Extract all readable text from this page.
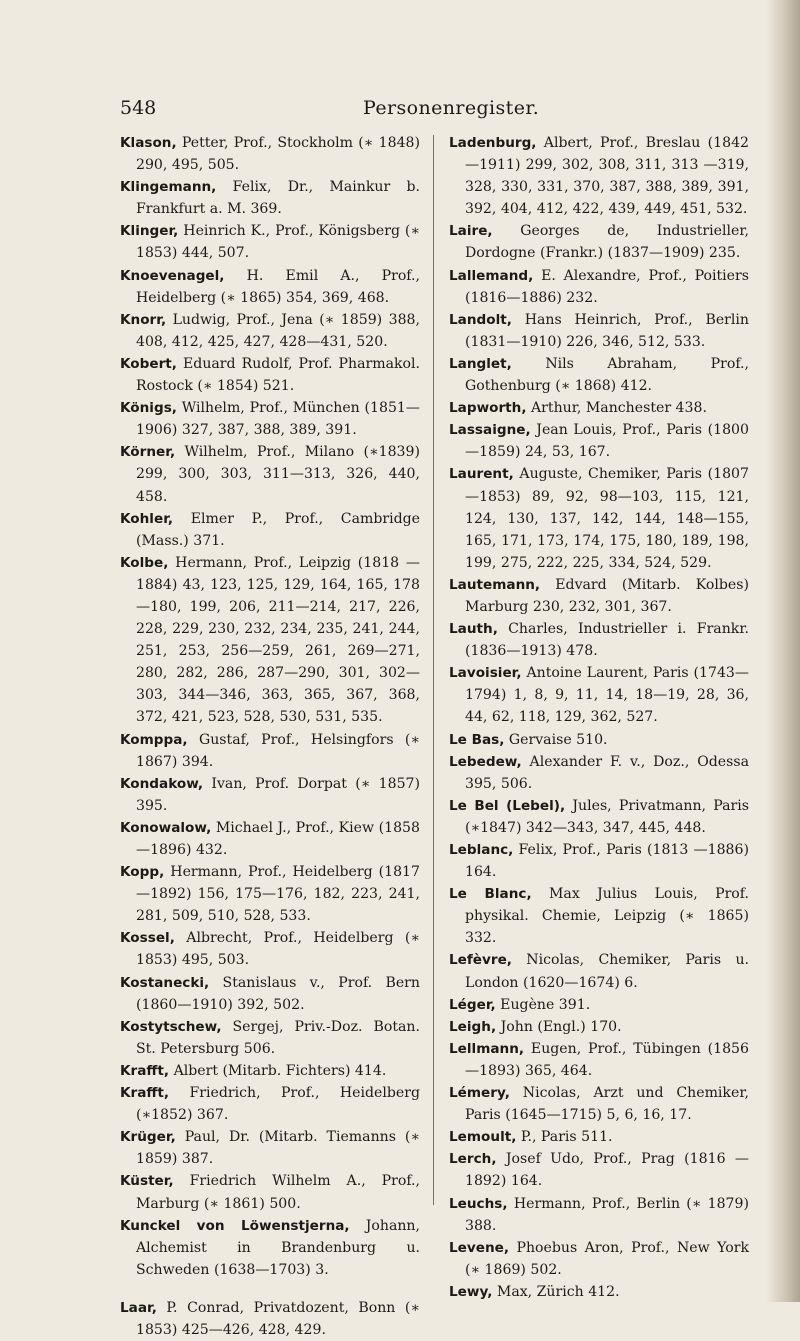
548	Personenregister.
Klason, Petter, Prof., Stockholm (∗ 1848) 290, 495, 505.
Klingemann, Felix, Dr., Mainkur b. Frankfurt a. M. 369.
Klinger, Heinrich K., Prof., Königsberg (∗ 1853) 444, 507.
Knoevenagel, H. Emil A., Prof., Heidelberg (∗ 1865) 354, 369, 468.
Knorr, Ludwig, Prof., Jena (∗ 1859) 388, 408, 412, 425, 427, 428—431, 520.
Kobert, Eduard Rudolf, Prof. Pharmakol. Rostock (∗ 1854) 521.
Königs, Wilhelm, Prof., München (1851—1906) 327, 387, 388, 389, 391.
Körner, Wilhelm, Prof., Milano (∗1839) 299, 300, 303, 311—313, 326, 440, 458.
Kohler, Elmer P., Prof., Cambridge (Mass.) 371.
Kolbe, Hermann, Prof., Leipzig (1818 —1884) 43, 123, 125, 129, 164, 165, 178—180, 199, 206, 211—214, 217, 226, 228, 229, 230, 232, 234, 235, 241, 244, 251, 253, 256—259, 261, 269—271, 280, 282, 286, 287—290, 301, 302—303, 344—346, 363, 365, 367, 368, 372, 421, 523, 528, 530, 531, 535.
Komppa, Gustaf, Prof., Helsingfors (∗ 1867) 394.
Kondakow, Ivan, Prof. Dorpat (∗ 1857) 395.
Konowalow, Michael J., Prof., Kiew (1858—1896) 432.
Kopp, Hermann, Prof., Heidelberg (1817—1892) 156, 175—176, 182, 223, 241, 281, 509, 510, 528, 533.
Kossel, Albrecht, Prof., Heidelberg (∗ 1853) 495, 503.
Kostanecki, Stanislaus v., Prof. Bern (1860—1910) 392, 502.
Kostytschew, Sergej, Priv.-Doz. Botan. St. Petersburg 506.
Krafft, Albert (Mitarb. Fichters) 414.
Krafft, Friedrich, Prof., Heidelberg (∗1852) 367.
Krüger, Paul, Dr. (Mitarb. Tiemanns (∗ 1859) 387.
Küster, Friedrich Wilhelm A., Prof., Marburg (∗ 1861) 500.
Kunckel von Löwenstjerna, Johann, Alchemist in Brandenburg u. Schweden (1638—1703) 3.
Laar, P. Conrad, Privatdozent, Bonn (∗ 1853) 425—426, 428, 429.
Ladenburg, Albert, Prof., Breslau (1842—1911) 299, 302, 308, 311, 313 —319, 328, 330, 331, 370, 387, 388, 389, 391, 392, 404, 412, 422, 439, 449, 451, 532.
Laire, Georges de, Industrieller, Dordogne (Frankr.) (1837—1909) 235.
Lallemand, E. Alexandre, Prof., Poitiers (1816—1886) 232.
Landolt, Hans Heinrich, Prof., Berlin (1831—1910) 226, 346, 512, 533.
Langlet, Nils Abraham, Prof., Gothenburg (∗ 1868) 412.
Lapworth, Arthur, Manchester 438.
Lassaigne, Jean Louis, Prof., Paris (1800—1859) 24, 53, 167.
Laurent, Auguste, Chemiker, Paris (1807—1853) 89, 92, 98—103, 115, 121, 124, 130, 137, 142, 144, 148—155, 165, 171, 173, 174, 175, 180, 189, 198, 199, 275, 222, 225, 334, 524, 529.
Lautemann, Edvard (Mitarb. Kolbes) Marburg 230, 232, 301, 367.
Lauth, Charles, Industrieller i. Frankr. (1836—1913) 478.
Lavoisier, Antoine Laurent, Paris (1743—1794) 1, 8, 9, 11, 14, 18—19, 28, 36, 44, 62, 118, 129, 362, 527.
Le Bas, Gervaise 510.
Lebedew, Alexander F. v., Doz., Odessa 395, 506.
Le Bel (Lebel), Jules, Privatmann, Paris (∗1847) 342—343, 347, 445, 448.
Leblanc, Felix, Prof., Paris (1813 —1886) 164.
Le Blanc, Max Julius Louis, Prof. physikal. Chemie, Leipzig (∗ 1865) 332.
Lefèvre, Nicolas, Chemiker, Paris u. London (1620—1674) 6.
Léger, Eugène 391.
Leigh, John (Engl.) 170.
Lellmann, Eugen, Prof., Tübingen (1856—1893) 365, 464.
Lémery, Nicolas, Arzt und Chemiker, Paris (1645—1715) 5, 6, 16, 17.
Lemoult, P., Paris 511.
Lerch, Josef Udo, Prof., Prag (1816 —1892) 164.
Leuchs, Hermann, Prof., Berlin (∗ 1879) 388.
Levene, Phoebus Aron, Prof., New York (∗ 1869) 502.
Lewy, Max, Zürich 412.
